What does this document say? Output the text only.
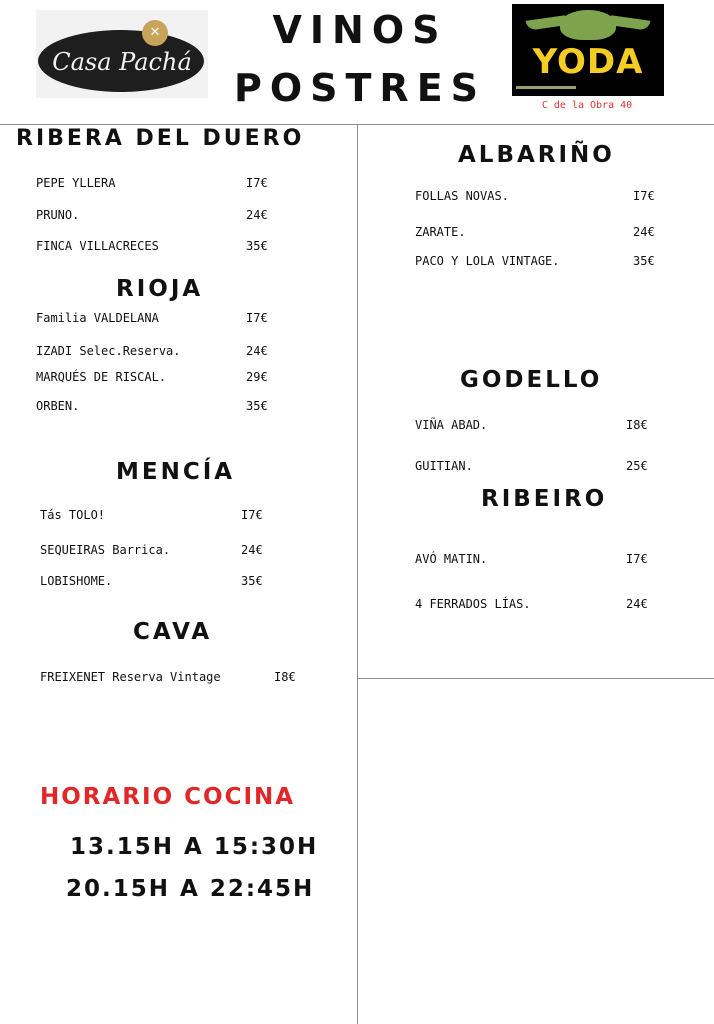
✕
Casa Pachá
VINOS
POSTRES
YODA
C de la Obra 40
RIBERA DEL DUERO
PEPE YLLERA	I7€
PRUNO.	24€
FINCA VILLACRECES	35€
RIOJA
Familia VALDELANA	I7€
IZADI Selec.Reserva.	24€
MARQUÉS DE RISCAL.	29€
ORBEN.	35€
MENCÍA
Tás TOLO!	I7€
SEQUEIRAS Barrica.	24€
LOBISHOME.	35€
CAVA
FREIXENET Reserva Vintage	I8€
HORARIO COCINA
13.15H A 15:30H
20.15H A 22:45H
ALBARIÑO
FOLLAS NOVAS.	I7€
ZARATE.	24€
PACO Y LOLA VINTAGE.	35€
GODELLO
VIÑA ABAD.	I8€
GUITIAN.	25€
RIBEIRO
AVÓ MATIN.	I7€
4 FERRADOS LÍAS.	24€
